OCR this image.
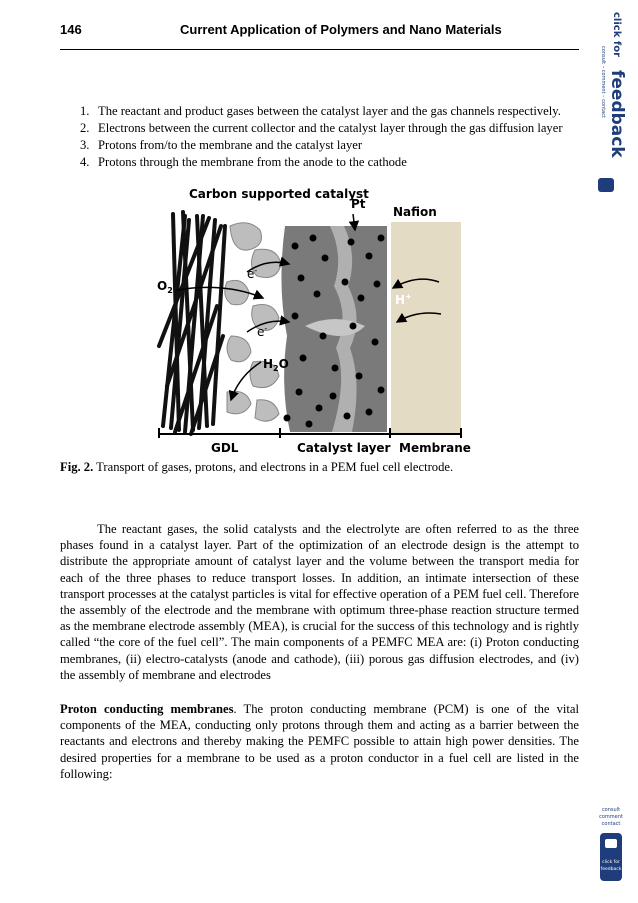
146	Current Application of Polymers and Nano Materials
1. The reactant and product gases between the catalyst layer and the gas channels respectively.
2. Electrons between the current collector and the catalyst layer through the gas diffusion layer
3. Protons from/to the membrane and the catalyst layer
4. Protons through the membrane from the anode to the cathode
Carbon supported catalyst
Pt
Nafion
$O_2$
e-
e-
$H_2O$
H+
GDL	Catalyst layer Membrane
Fig. 2. Transport of gases, protons, and electrons in a PEM fuel cell electrode.

The reactant gases, the solid catalysts and the electrolyte are often referred to as the three phases found in a catalyst layer. Part of the optimization of an electrode design is the attempt to distribute the appropriate amount of catalyst layer and the volume between the transport media for each of the three phases to reduce transport losses. In addition, an intimate intersection of these transport processes at the catalyst particles is vital for effective operation of a PEM fuel cell. Therefore the assembly of the electrode and the membrane with optimum three-phase reaction structure termed as the membrane electrode assembly (MEA), is crucial for the success of this technology and is rightly called “the core of the fuel cell”. The main components of a PEMFC MEA are: (i) Proton conducting membranes, (ii) electro-catalysts (anode and cathode), (iii) porous gas diffusion electrodes, and (iv) the assembly of membrane and electrodes

Proton conducting membranes. The proton conducting membrane (PCM) is one of the vital components of the MEA, conducting only protons through them and acting as a barrier between the reactants and electrons and thereby making the PEMFC possible to attain high power densities. The desired properties for a membrane to be used as a proton conductor in a fuel cell are listed in the following:

click for
feedback
consult – comment – contact
consult
comment
contact
click for
feedback
